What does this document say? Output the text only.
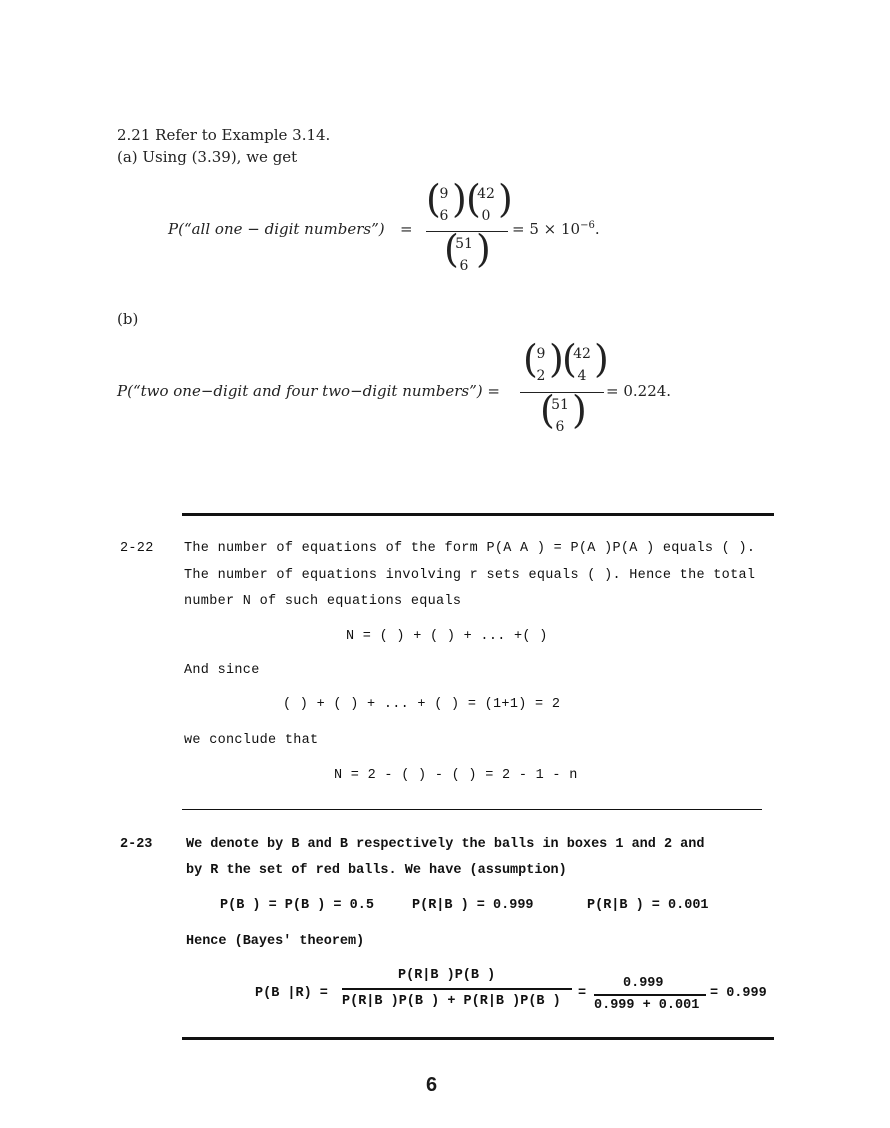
2.21 Refer to Example 3.14.
(a) Using (3.39), we get
P(“all one − digit numbers”) =
(
9
6 ) (
42
0 )
(
51
6 ) = $5 \times 10^{-6}$.
(b)
P(“two one−digit and four two−digit numbers”) =
(
9
2 )
(
42
4 )
(
51
6 ) = 0.224.
2-22 The number of equations of the form P(A A ) = P(A )P(A ) equals ( ).
The number of equations involving r sets equals ( ). Hence the total
number N of such equations equals
N = ( ) + ( ) + ... +( )
And since
( ) + ( ) + ... + ( ) = (1+1) = 2
we conclude that
N = 2 - ( ) - ( ) = 2 - 1 - n
2-23 We denote by B and B respectively the balls in boxes 1 and 2 and
by R the set of red balls. We have (assumption)
P(B ) = P(B ) = 0.5	P(R|B ) = 0.999	P(R|B ) = 0.001
Hence (Bayes' theorem)
P(B |R) =
P(R|B )P(B )
P(R|B )P(B ) + P(R|B )P(B )
=
0.999
0.999 + 0.001
= 0.999
6
